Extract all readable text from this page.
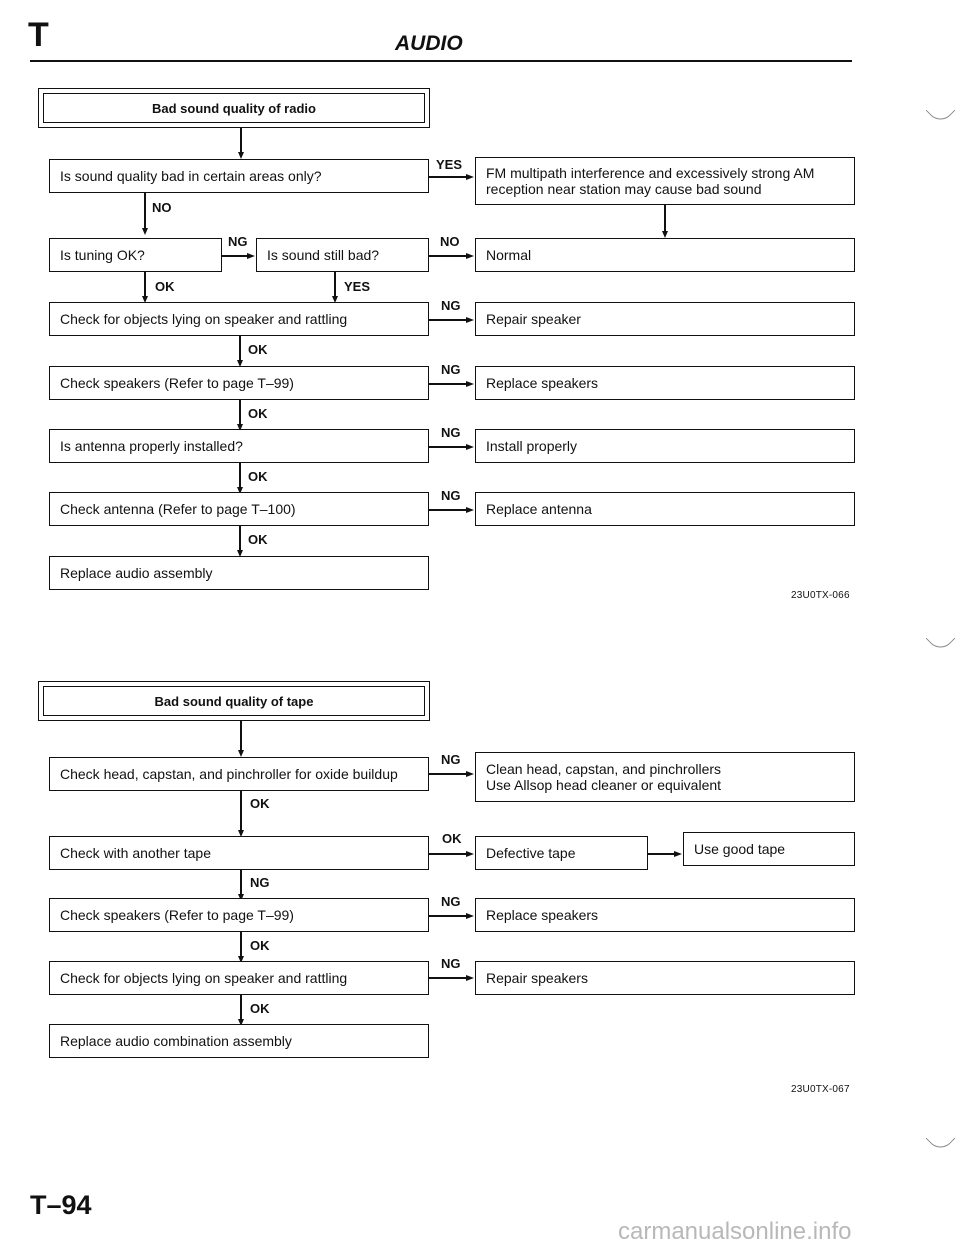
T	AUDIO
Bad sound quality of radio
Is sound quality bad in certain areas only?
YES
FM multipath interference and excessively strong AM
reception near station may cause bad sound
NO
Is tuning OK?
NG
Is sound still bad?
NO
Normal
OK	YES
Check for objects lying on speaker and rattling
NG
Repair speaker
OK
Check speakers (Refer to page T–99)
NG
Replace speakers
OK
Is antenna properly installed?
NG
Install properly
OK
Check antenna (Refer to page T–100)
NG
Replace antenna
OK
Replace audio assembly
23U0TX-066
Bad sound quality of tape
Check head, capstan, and pinchroller for oxide buildup
NG
Clean head, capstan, and pinchrollers
Use Allsop head cleaner or equivalent
OK
Check with another tape
OK
Defective tape	Use good tape
NG
Check speakers (Refer to page T–99)
NG
Replace speakers
OK
Check for objects lying on speaker and rattling
NG
Repair speakers
OK
Replace audio combination assembly
23U0TX-067
T–94
carmanualsonline.info
